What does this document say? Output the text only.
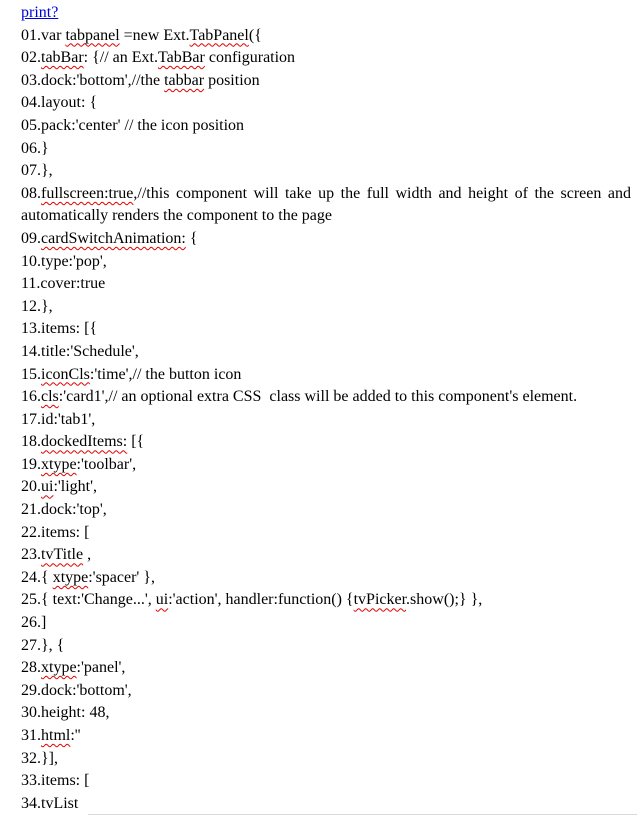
print?
01.var tabpanel =new Ext.TabPanel({
02.tabBar: {// an Ext.TabBar configuration
03.dock:'bottom',//the tabbar position
04.layout: {
05.pack:'center' // the icon position
06.}
07.},
08.fullscreen:true,//this component will take up the full width and height of the screen and
automatically renders the component to the page
09.cardSwitchAnimation: {
10.type:'pop',
11.cover:true
12.},
13.items: [{
14.title:'Schedule',
15.iconCls:'time',// the button icon
16.cls:'card1',// an optional extra CSS  class will be added to this component's element.
17.id:'tab1',
18.dockedItems: [{
19.xtype:'toolbar',
20.ui:'light',
21.dock:'top',
22.items: [
23.tvTitle ,
24.{ xtype:'spacer' },
25.{ text:'Change...', ui:'action', handler:function() {tvPicker.show();} },
26.]
27.}, {
28.xtype:'panel',
29.dock:'bottom',
30.height: 48,
31.html:''
32.}],
33.items: [
34.tvList
